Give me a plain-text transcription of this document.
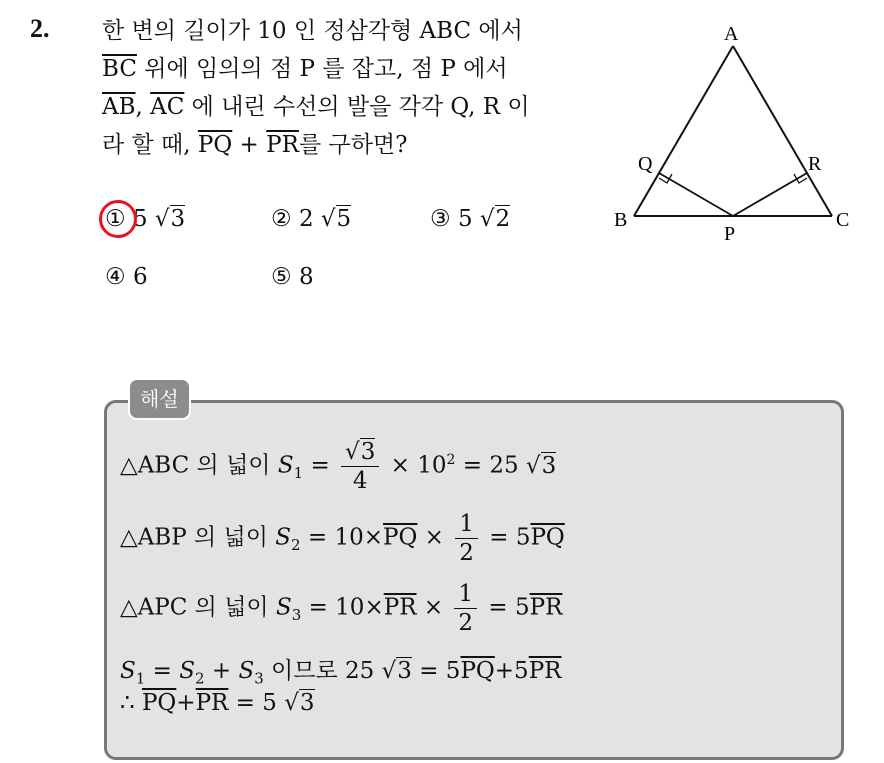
2. 한 변의 길이가 10 인 정삼각형 ABC 에서
$\overline{BC}$ 위에 임의의 점 P 를 잡고, 점 P 에서
$\overline{AB}$, $\overline{AC}$ 에 내린 수선의 발을 각각 Q, R 이
라 할 때, $\overline{PQ} + \overline{PR}$를 구하면?
A
B	C
P
Q	R
① 5 √3	② 2 √5	③ 5 √2
④ 6	⑤ 8
해설
△ABC 의 넓이 $S_1 = \frac{√3}{4} \times 10^2 = 25$ √3
△ABP 의 넓이 $S_2 = 10\times\overline{PQ} \times \frac{1}{2} = 5\overline{PQ}$
△APC 의 넓이 $S_3 = 10\times\overline{PR} \times \frac{1}{2} = 5\overline{PR}$
$S_1 = S_2 + S_3$ 이므로 25 $√3 = 5\overline{PQ}+5\overline{PR}$
∴ $\overline{PQ}+\overline{PR} = 5$ √3
